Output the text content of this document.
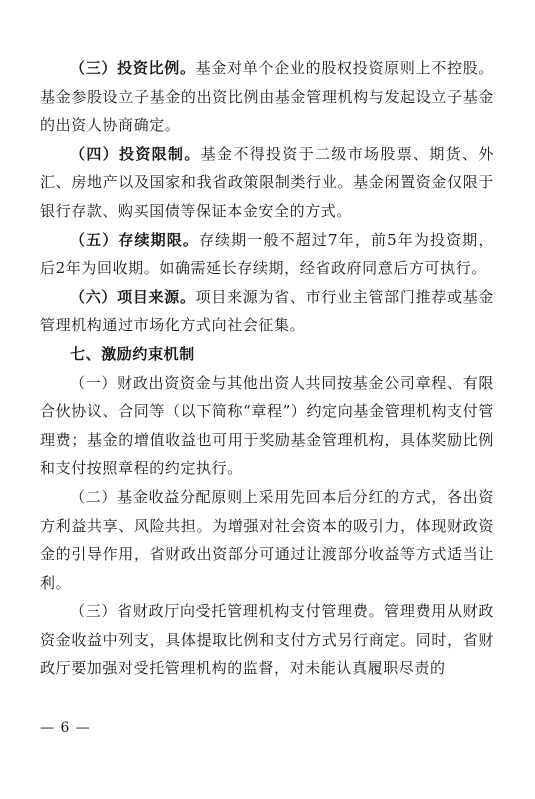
（三）投资比例。基金对单个企业的股权投资原则上不控股。基金参股设立子基金的出资比例由基金管理机构与发起设立子基金的出资人协商确定。

（四）投资限制。基金不得投资于二级市场股票、期货、外汇、房地产以及国家和我省政策限制类行业。基金闲置资金仅限于银行存款、购买国债等保证本金安全的方式。

（五）存续期限。存续期一般不超过7年，前5年为投资期，后2年为回收期。如确需延长存续期，经省政府同意后方可执行。

（六）项目来源。项目来源为省、市行业主管部门推荐或基金管理机构通过市场化方式向社会征集。

七、激励约束机制

（一）财政出资资金与其他出资人共同按基金公司章程、有限合伙协议、合同等（以下简称“章程”）约定向基金管理机构支付管理费；基金的增值收益也可用于奖励基金管理机构，具体奖励比例和支付按照章程的约定执行。

（二）基金收益分配原则上采用先回本后分红的方式，各出资方利益共享、风险共担。为增强对社会资本的吸引力，体现财政资金的引导作用，省财政出资部分可通过让渡部分收益等方式适当让利。

（三）省财政厅向受托管理机构支付管理费。管理费用从财政资金收益中列支，具体提取比例和支付方式另行商定。同时，省财政厅要加强对受托管理机构的监督，对未能认真履职尽责的

— 6 —
